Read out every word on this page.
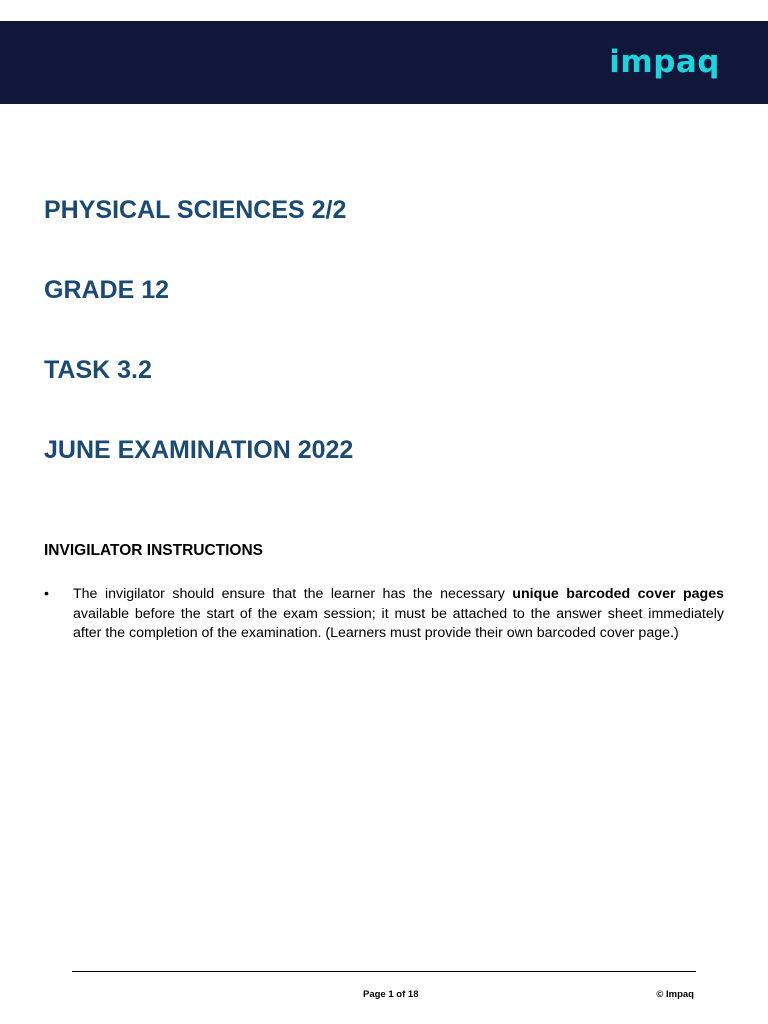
impaq
PHYSICAL SCIENCES 2/2
GRADE 12
TASK 3.2
JUNE EXAMINATION 2022
INVIGILATOR INSTRUCTIONS
• The invigilator should ensure that the learner has the necessary unique barcoded cover pages available before the start of the exam session; it must be attached to the answer sheet immediately after the completion of the examination. (Learners must provide their own barcoded cover page.)
Page 1 of 18	© Impaq
